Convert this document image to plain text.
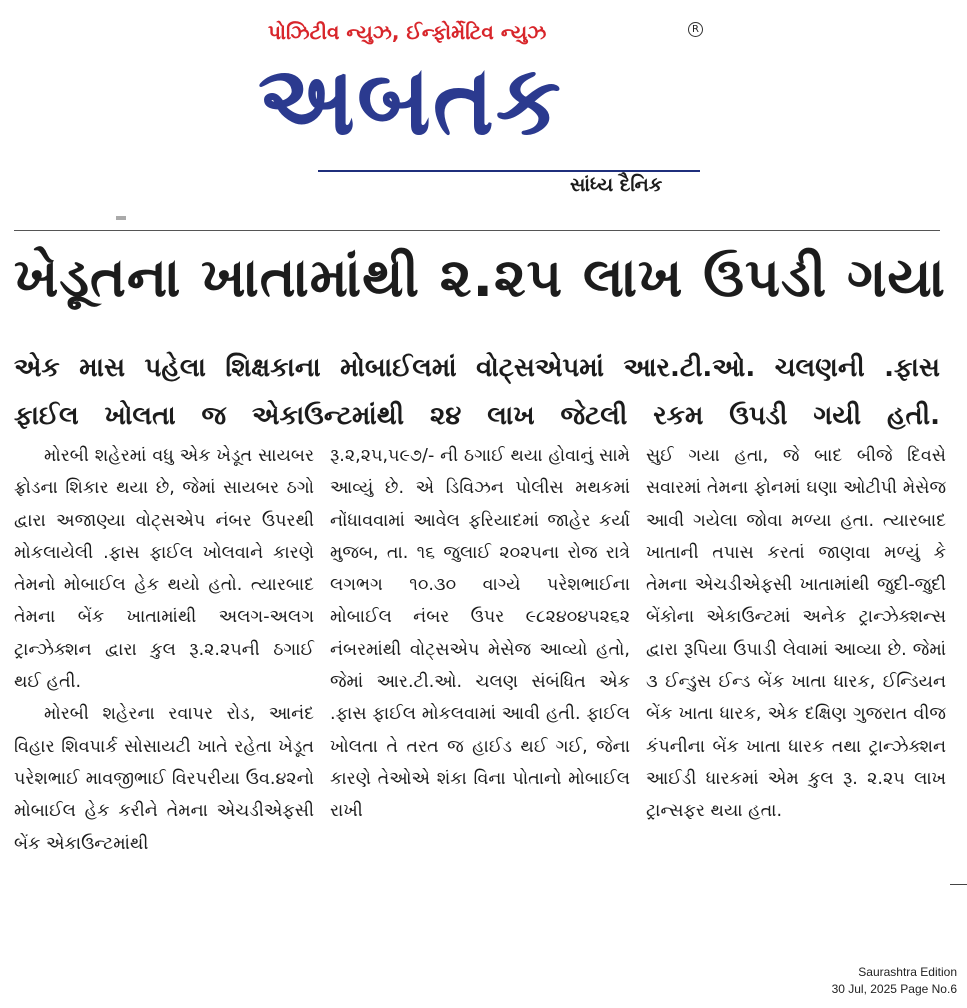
પોઝિટીવ ન્યુઝ, ઈન્ફોર્મેટિવ ન્યુઝ	R
અબતક
સાંધ્ય દૈનિક
ખેડૂતના ખાતામાંથી ૨.૨૫ લાખ ઉપડી ગયા
એક માસ પહેલા શિક્ષકાના મોબાઈલમાં વોટ્સએપમાં આર.ટી.ઓ. ચલણની .ફાસ
ફાઈલ ખોલતા જ એકાઉન્ટમાંથી ૨૪ લાખ જેટલી રકમ ઉપડી ગયી હતી.

મોરબી શહેરમાં વધુ એક ખેડૂત સાયબર ફ્રોડના શિકાર થયા છે, જેમાં સાયબર ઠગો દ્વારા અજાણ્યા વોટ્સએપ નંબર ઉપરથી મોકલાયેલી .ફાસ ફાઈલ ખોલવાને કારણે તેમનો મોબાઈલ હેક થયો હતો. ત્યારબાદ તેમના બેંક ખાતામાંથી અલગ-અલગ ટ્રાન્ઝેક્શન દ્વારા કુલ રૂ.૨.૨૫ની ઠગાઈ થઈ હતી.

મોરબી શહેરના રવાપર રોડ, આનંદ વિહાર શિવપાર્ક સોસાયટી ખાતે રહેતા ખેડૂત પરેશભાઈ માવજીભાઈ વિરપરીયા ઉવ.૪૨નો મોબાઈલ હેક કરીને તેમના એચડીએફસી બેંક એકાઉન્ટમાંથી

રૂ.૨,૨૫,૫૯૭/- ની ઠગાઈ થયા હોવાનું સામે આવ્યું છે. એ ડિવિઝન પોલીસ મથકમાં નોંધાવવામાં આવેલ ફરિયાદમાં જાહેર કર્યા મુજબ, તા. ૧૬ જુલાઈ ૨૦૨૫ના રોજ રાત્રે લગભગ ૧૦.૩૦ વાગ્યે પરેશભાઈના મોબાઈલ નંબર ઉપર ૯૮૨૪૦૪૫૨૬૨ નંબરમાંથી વોટ્સએપ મેસેજ આવ્યો હતો, જેમાં આર.ટી.ઓ. ચલણ સંબંધિત એક .ફાસ ફાઈલ મોકલવામાં આવી હતી. ફાઈલ ખોલતા તે તરત જ હાઈડ થઈ ગઈ, જેના કારણે તેઓએ શંકા વિના પોતાનો મોબાઈલ રાખી

સુઈ ગયા હતા, જે બાદ બીજે દિવસે સવારમાં તેમના ફોનમાં ઘણા ઓટીપી મેસેજ આવી ગયેલા જોવા મળ્યા હતા. ત્યારબાદ ખાતાની તપાસ કરતાં જાણવા મળ્યું કે તેમના એચડીએફસી ખાતામાંથી જુદી-જુદી બેંકોના એકાઉન્ટમાં અનેક ટ્રાન્ઝેક્શન્સ દ્વારા રૂપિયા ઉપાડી લેવામાં આવ્યા છે. જેમાં ૩ ઈન્ડુસ ઈન્ડ બેંક ખાતા ધારક, ઈન્ડિયન બેંક ખાતા ધારક, એક દક્ષિણ ગુજરાત વીજ કંપનીના બેંક ખાતા ધારક તથા ટ્રાન્ઝેક્શન આઈડી ધારકમાં એમ કુલ રૂ. ૨.૨૫ લાખ ટ્રાન્સફર થયા હતા.

Saurashtra Edition
30 Jul, 2025 Page No.6
